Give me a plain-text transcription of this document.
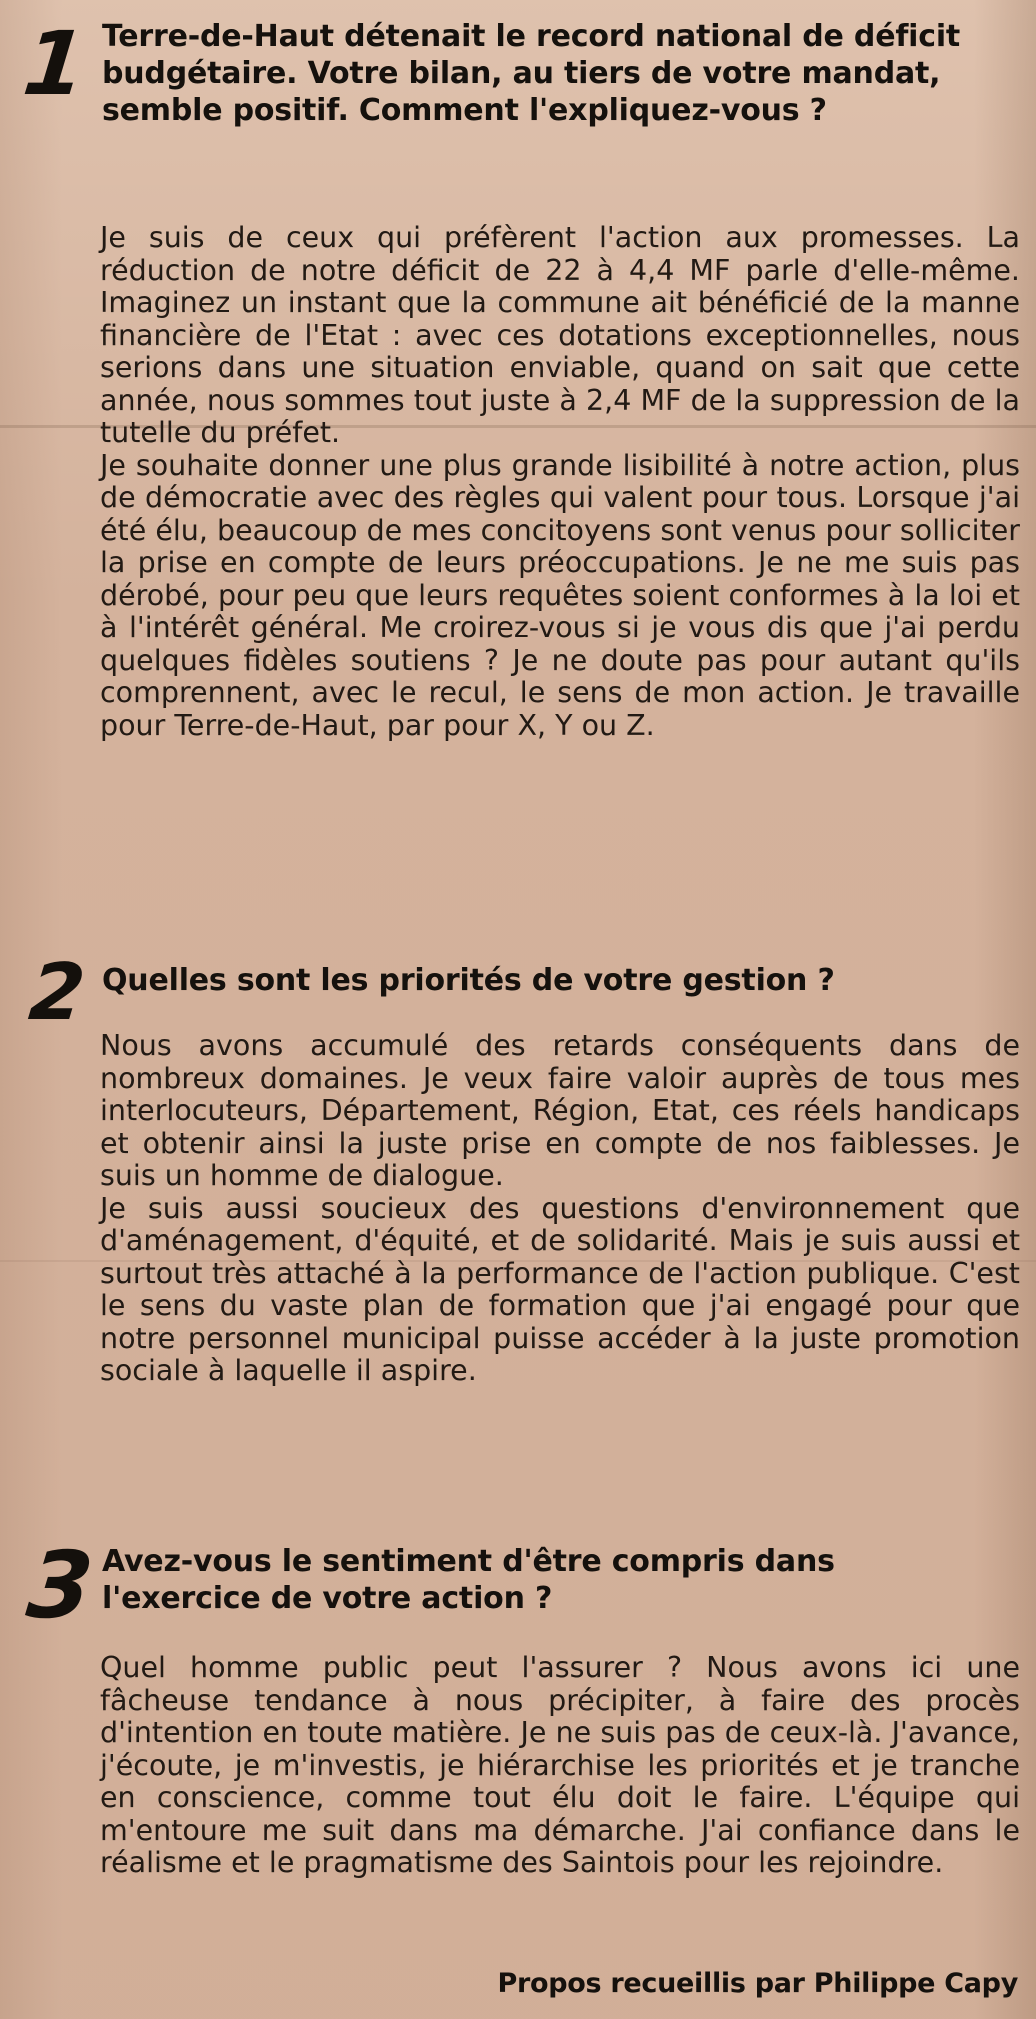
1 Terre-de-Haut détenait le record national de déficit budgétaire. Votre bilan, au tiers de votre mandat, semble positif. Comment l'expliquez-vous ?

Je suis de ceux qui préfèrent l'action aux promesses. La réduction de notre déficit de 22 à 4,4 MF parle d'elle-même. Imaginez un instant que la commune ait bénéficié de la manne financière de l'Etat : avec ces dotations exceptionnelles, nous serions dans une situation enviable, quand on sait que cette année, nous sommes tout juste à 2,4 MF de la suppression de la tutelle du préfet.

Je souhaite donner une plus grande lisibilité à notre action, plus de démocratie avec des règles qui valent pour tous. Lorsque j'ai été élu, beaucoup de mes concitoyens sont venus pour solliciter la prise en compte de leurs préoccupations. Je ne me suis pas dérobé, pour peu que leurs requêtes soient conformes à la loi et à l'intérêt général. Me croirez-vous si je vous dis que j'ai perdu quelques fidèles soutiens ? Je ne doute pas pour autant qu'ils comprennent, avec le recul, le sens de mon action. Je travaille pour Terre-de-Haut, par pour X, Y ou Z.

2 Quelles sont les priorités de votre gestion ?

Nous avons accumulé des retards conséquents dans de nombreux domaines. Je veux faire valoir auprès de tous mes interlocuteurs, Département, Région, Etat, ces réels handicaps et obtenir ainsi la juste prise en compte de nos faiblesses. Je suis un homme de dialogue.

Je suis aussi soucieux des questions d'environnement que d'aménagement, d'équité, et de solidarité. Mais je suis aussi et surtout très attaché à la performance de l'action publique. C'est le sens du vaste plan de formation que j'ai engagé pour que notre personnel municipal puisse accéder à la juste promotion sociale à laquelle il aspire.

3 Avez-vous le sentiment d'être compris dans l'exercice de votre action ?

Quel homme public peut l'assurer ? Nous avons ici une fâcheuse tendance à nous précipiter, à faire des procès d'intention en toute matière. Je ne suis pas de ceux-là. J'avance, j'écoute, je m'investis, je hiérarchise les priorités et je tranche en conscience, comme tout élu doit le faire. L'équipe qui m'entoure me suit dans ma démarche. J'ai confiance dans le réalisme et le pragmatisme des Saintois pour les rejoindre.

Propos recueillis par Philippe Capy
